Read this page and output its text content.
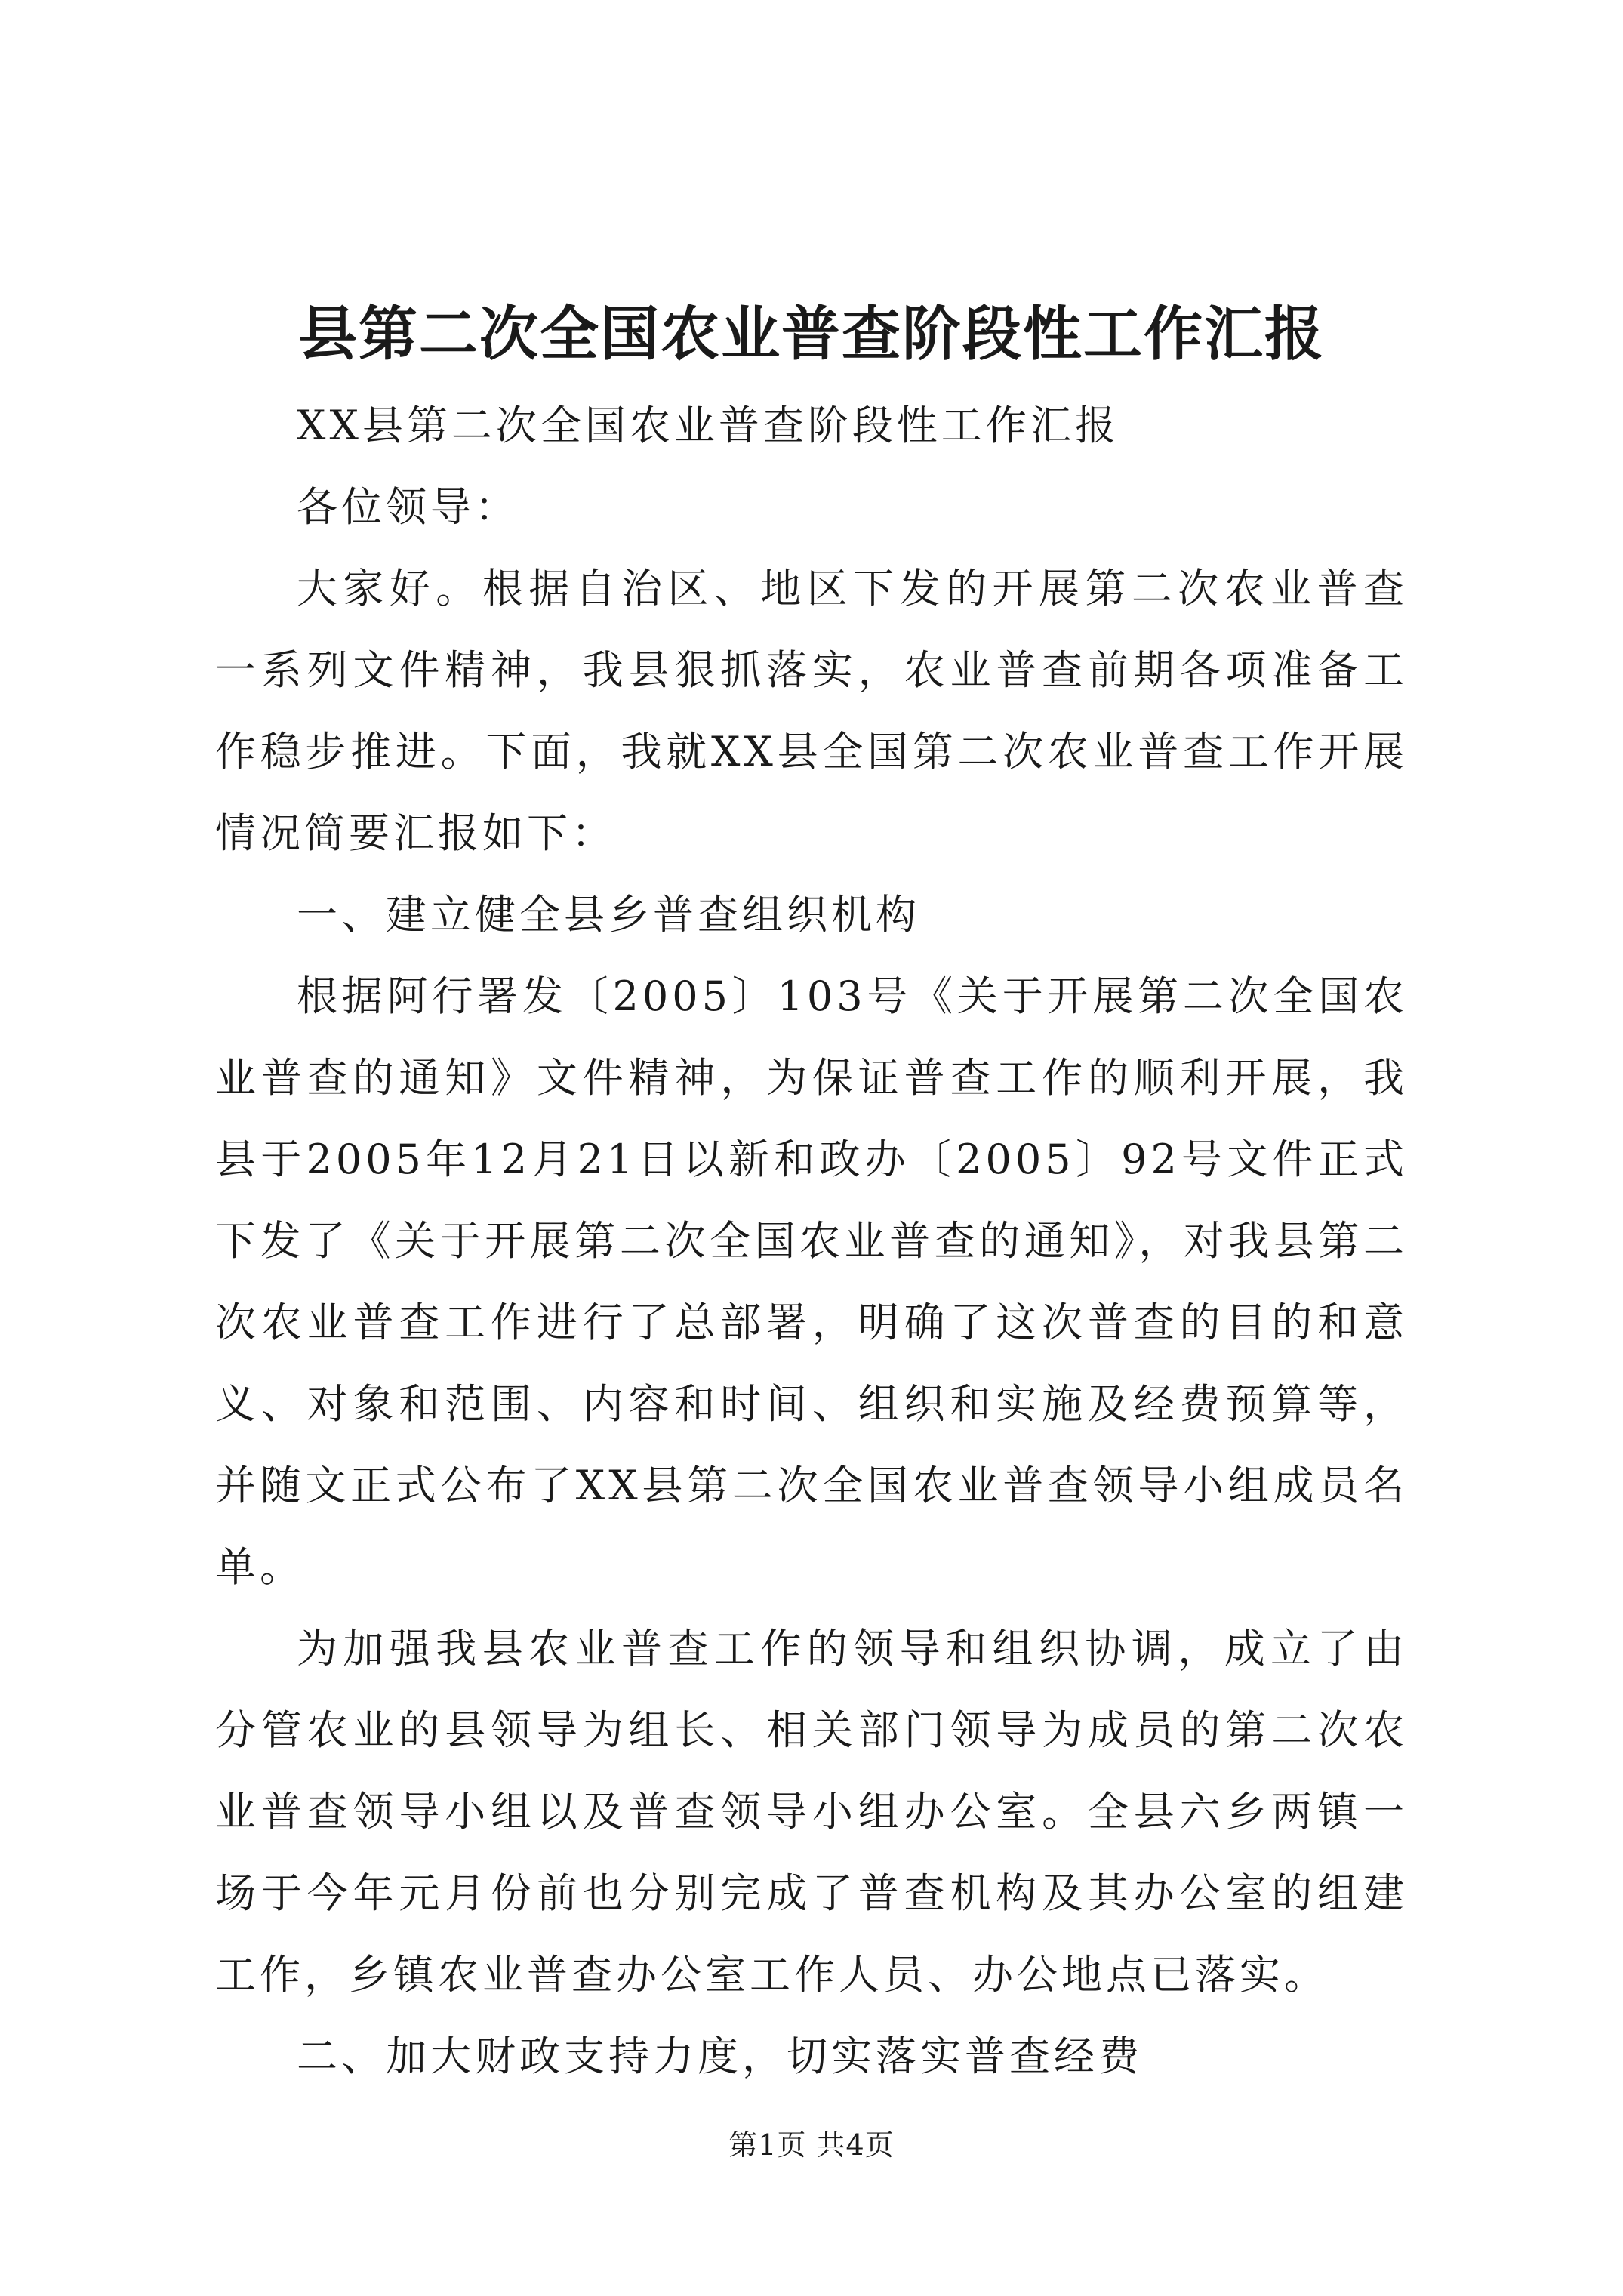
县第二次全国农业普查阶段性工作汇报

XX县第二次全国农业普查阶段性工作汇报

各位领导：

大家好。根据自治区、地区下发的开展第二次农业普查一系列文件精神，我县狠抓落实，农业普查前期各项准备工作稳步推进。下面，我就XX县全国第二次农业普查工作开展情况简要汇报如下：

一、建立健全县乡普查组织机构

根据阿行署发〔2005〕103号《关于开展第二次全国农业普查的通知》文件精神，为保证普查工作的顺利开展，我县于2005年12月21日以新和政办〔2005〕92号文件正式下发了《关于开展第二次全国农业普查的通知》，对我县第二次农业普查工作进行了总部署，明确了这次普查的目的和意义、对象和范围、内容和时间、组织和实施及经费预算等，并随文正式公布了XX县第二次全国农业普查领导小组成员名单。

为加强我县农业普查工作的领导和组织协调，成立了由分管农业的县领导为组长、相关部门领导为成员的第二次农业普查领导小组以及普查领导小组办公室。全县六乡两镇一场于今年元月份前也分别完成了普查机构及其办公室的组建工作，乡镇农业普查办公室工作人员、办公地点已落实。

二、加大财政支持力度，切实落实普查经费

第1页 共4页
